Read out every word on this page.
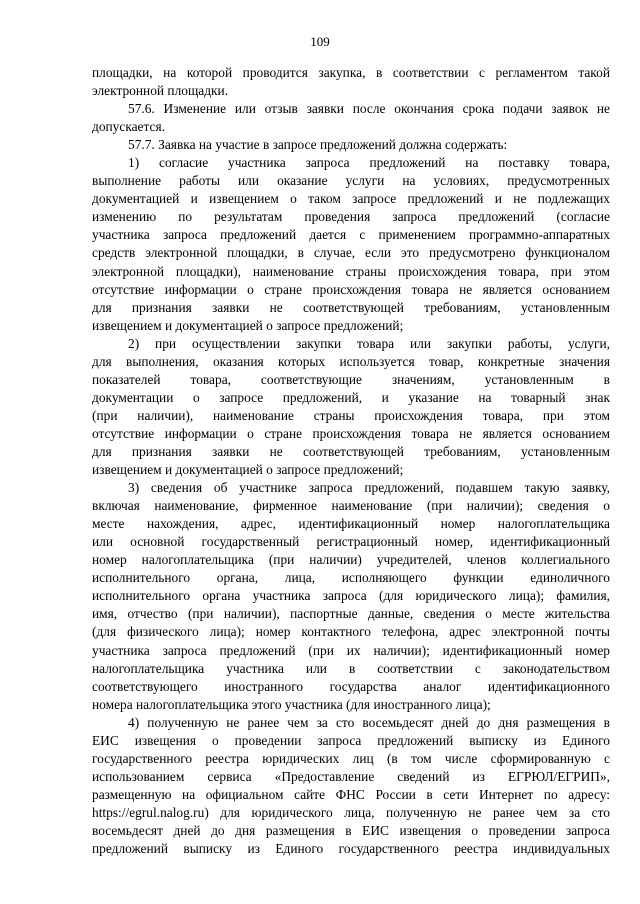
109
площадки, на которой проводится закупка, в соответствии с регламентом такой
электронной площадки.
57.6. Изменение или отзыв заявки после окончания срока подачи заявок не
допускается.
57.7. Заявка на участие в запросе предложений должна содержать:
1) согласие участника запроса предложений на поставку товара,
выполнение работы или оказание услуги на условиях, предусмотренных
документацией и извещением о таком запросе предложений и не подлежащих
изменению по результатам проведения запроса предложений (согласие
участника запроса предложений дается с применением программно-аппаратных
средств электронной площадки, в случае, если это предусмотрено функционалом
электронной площадки), наименование страны происхождения товара, при этом
отсутствие информации о стране происхождения товара не является основанием
для признания заявки не соответствующей требованиям, установленным
извещением и документацией о запросе предложений;
2) при осуществлении закупки товара или закупки работы, услуги,
для выполнения, оказания которых используется товар, конкретные значения
показателей товара, соответствующие значениям, установленным в
документации о запросе предложений, и указание на товарный знак
(при наличии), наименование страны происхождения товара, при этом
отсутствие информации о стране происхождения товара не является основанием
для признания заявки не соответствующей требованиям, установленным
извещением и документацией о запросе предложений;
3) сведения об участнике запроса предложений, подавшем такую заявку,
включая наименование, фирменное наименование (при наличии); сведения о
месте нахождения, адрес, идентификационный номер налогоплательщика
или основной государственный регистрационный номер, идентификационный
номер налогоплательщика (при наличии) учредителей, членов коллегиального
исполнительного органа, лица, исполняющего функции единоличного
исполнительного органа участника запроса (для юридического лица); фамилия,
имя, отчество (при наличии), паспортные данные, сведения о месте жительства
(для физического лица); номер контактного телефона, адрес электронной почты
участника запроса предложений (при их наличии); идентификационный номер
налогоплательщика участника или в соответствии с законодательством
соответствующего иностранного государства аналог идентификационного
номера налогоплательщика этого участника (для иностранного лица);
4) полученную не ранее чем за сто восемьдесят дней до дня размещения в
ЕИС извещения о проведении запроса предложений выписку из Единого
государственного реестра юридических лиц (в том числе сформированную с
использованием сервиса «Предоставление сведений из ЕГРЮЛ/ЕГРИП»,
размещенную на официальном сайте ФНС России в сети Интернет по адресу:
https://egrul.nalog.ru) для юридического лица, полученную не ранее чем за сто
восемьдесят дней до дня размещения в ЕИС извещения о проведении запроса
предложений выписку из Единого государственного реестра индивидуальных
